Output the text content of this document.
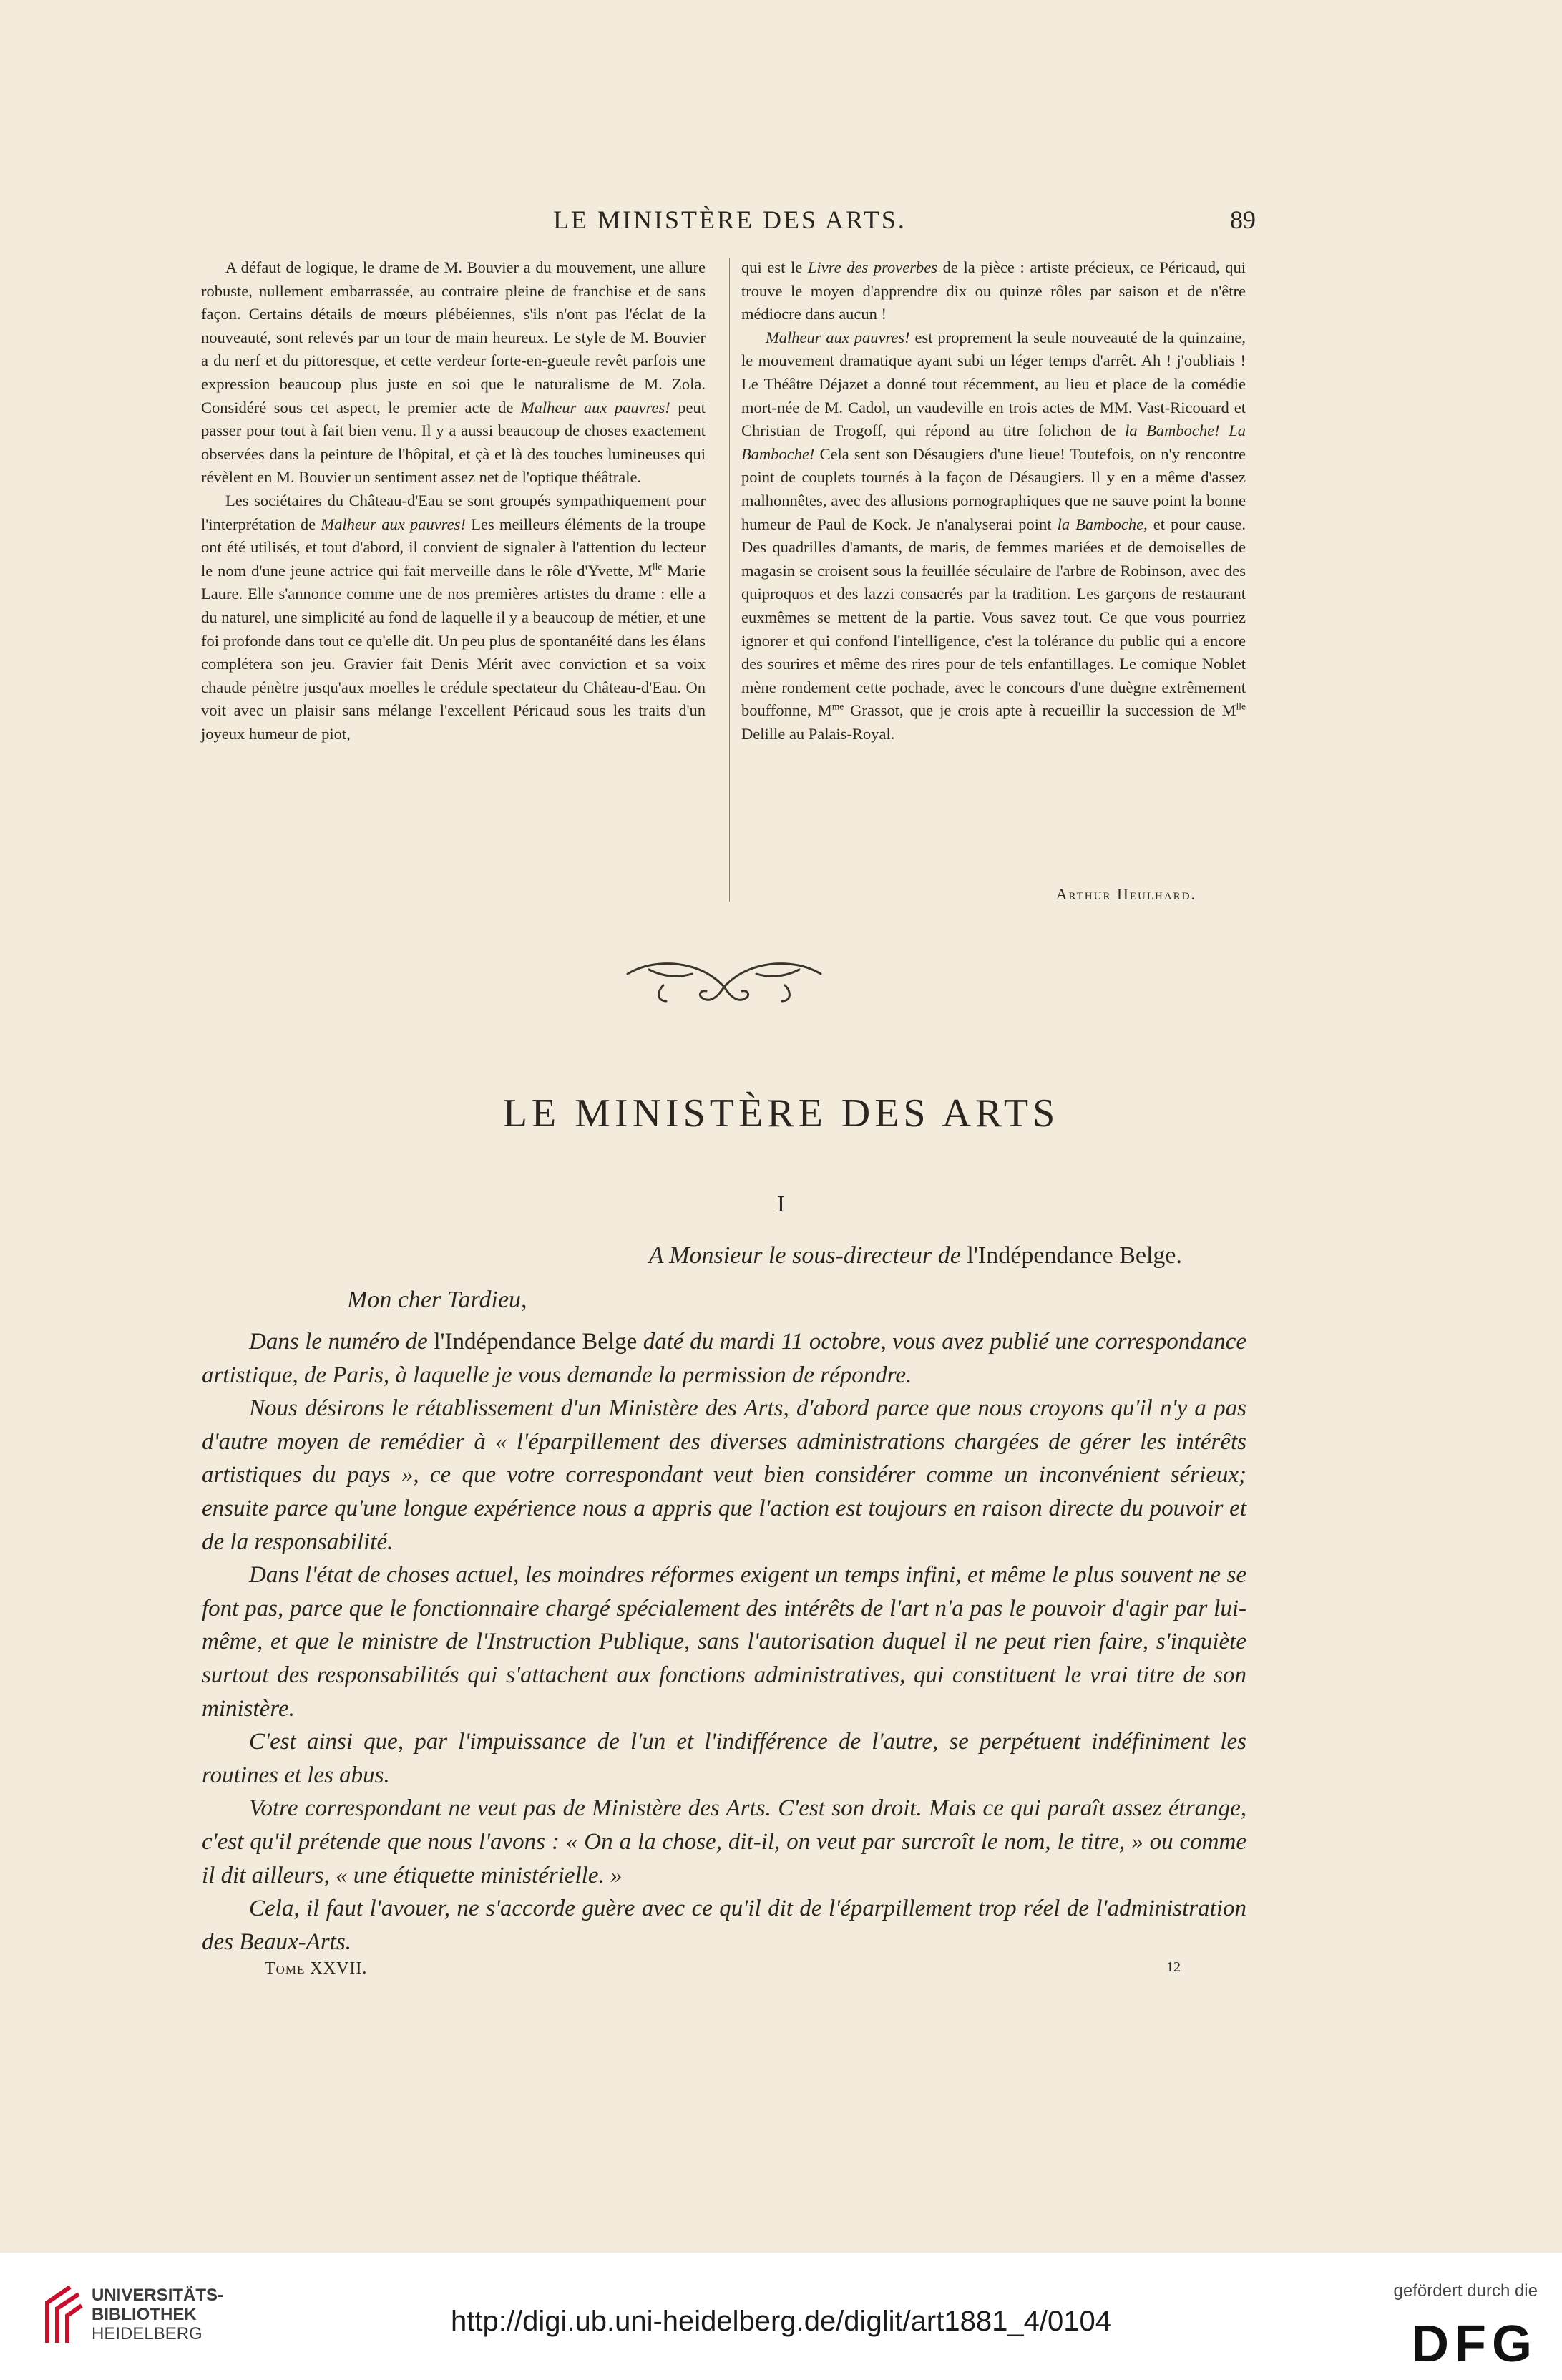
LE MINISTÈRE DES ARTS.	89

A défaut de logique, le drame de M. Bouvier a du mouvement, une allure robuste, nullement embarrassée, au contraire pleine de franchise et de sans façon. Certains détails de mœurs plébéiennes, s'ils n'ont pas l'éclat de la nouveauté, sont relevés par un tour de main heureux. Le style de M. Bouvier a du nerf et du pittoresque, et cette verdeur forte-en-gueule revêt parfois une expression beaucoup plus juste en soi que le naturalisme de M. Zola. Considéré sous cet aspect, le premier acte de Malheur aux pauvres! peut passer pour tout à fait bien venu. Il y a aussi beaucoup de choses exactement observées dans la peinture de l'hôpital, et çà et là des touches lumineuses qui révèlent en M. Bouvier un sentiment assez net de l'optique théâtrale.

Les sociétaires du Château-d'Eau se sont groupés sympathiquement pour l'interprétation de Malheur aux pauvres! Les meilleurs éléments de la troupe ont été utilisés, et tout d'abord, il convient de signaler à l'attention du lecteur le nom d'une jeune actrice qui fait merveille dans le rôle d'Yvette, $M^{lle}$ Marie Laure. Elle s'annonce comme une de nos premières artistes du drame : elle a du naturel, une simplicité au fond de laquelle il y a beaucoup de métier, et une foi profonde dans tout ce qu'elle dit. Un peu plus de spontanéité dans les élans complétera son jeu. Gravier fait Denis Mérit avec conviction et sa voix chaude pénètre jusqu'aux moelles le crédule spectateur du Château-d'Eau. On voit avec un plaisir sans mélange l'excellent Péricaud sous les traits d'un joyeux humeur de piot,

qui est le Livre des proverbes de la pièce : artiste précieux, ce Péricaud, qui trouve le moyen d'apprendre dix ou quinze rôles par saison et de n'être médiocre dans aucun !

Malheur aux pauvres! est proprement la seule nouveauté de la quinzaine, le mouvement dramatique ayant subi un léger temps d'arrêt. Ah ! j'oubliais ! Le Théâtre Déjazet a donné tout récemment, au lieu et place de la comédie mort-née de M. Cadol, un vaudeville en trois actes de MM. Vast-Ricouard et Christian de Trogoff, qui répond au titre folichon de la Bamboche! La Bamboche! Cela sent son Désaugiers d'une lieue! Toutefois, on n'y rencontre point de couplets tournés à la façon de Désaugiers. Il y en a même d'assez malhonnêtes, avec des allusions pornographiques que ne sauve point la bonne humeur de Paul de Kock. Je n'analyserai point la Bamboche, et pour cause. Des quadrilles d'amants, de maris, de femmes mariées et de demoiselles de magasin se croisent sous la feuillée séculaire de l'arbre de Robinson, avec des quiproquos et des lazzi consacrés par la tradition. Les garçons de restaurant euxmêmes se mettent de la partie. Vous savez tout. Ce que vous pourriez ignorer et qui confond l'intelligence, c'est la tolérance du public qui a encore des sourires et même des rires pour de tels enfantillages. Le comique Noblet mène rondement cette pochade, avec le concours d'une duègne extrêmement bouffonne, $M^{me}$ Grassot, que je crois apte à recueillir la succession de $M^{lle}$ Delille au Palais-Royal.

Arthur Heulhard.
LE MINISTÈRE DES ARTS
I
A Monsieur le sous-directeur de l'Indépendance Belge.
Mon cher Tardieu,

Dans le numéro de l'Indépendance Belge daté du mardi 11 octobre, vous avez publié une correspondance artistique, de Paris, à laquelle je vous demande la permission de répondre.

Nous désirons le rétablissement d'un Ministère des Arts, d'abord parce que nous croyons qu'il n'y a pas d'autre moyen de remédier à « l'éparpillement des diverses administrations chargées de gérer les intérêts artistiques du pays », ce que votre correspondant veut bien considérer comme un inconvénient sérieux; ensuite parce qu'une longue expérience nous a appris que l'action est toujours en raison directe du pouvoir et de la responsabilité.

Dans l'état de choses actuel, les moindres réformes exigent un temps infini, et même le plus souvent ne se font pas, parce que le fonctionnaire chargé spécialement des intérêts de l'art n'a pas le pouvoir d'agir par lui-même, et que le ministre de l'Instruction Publique, sans l'autorisation duquel il ne peut rien faire, s'inquiète surtout des responsabilités qui s'attachent aux fonctions administratives, qui constituent le vrai titre de son ministère.

C'est ainsi que, par l'impuissance de l'un et l'indifférence de l'autre, se perpétuent indéfiniment les routines et les abus.

Votre correspondant ne veut pas de Ministère des Arts. C'est son droit. Mais ce qui paraît assez étrange, c'est qu'il prétende que nous l'avons : « On a la chose, dit-il, on veut par surcroît le nom, le titre, » ou comme il dit ailleurs, « une étiquette ministérielle. »

Cela, il faut l'avouer, ne s'accorde guère avec ce qu'il dit de l'éparpillement trop réel de l'administration des Beaux-Arts.

Tome XXVII.	12
UNIVERSITÄTS-
BIBLIOTHEK
HEIDELBERG	http://digi.ub.uni-heidelberg.de/diglit/art1881_4/0104
gefördert durch die
DFG
